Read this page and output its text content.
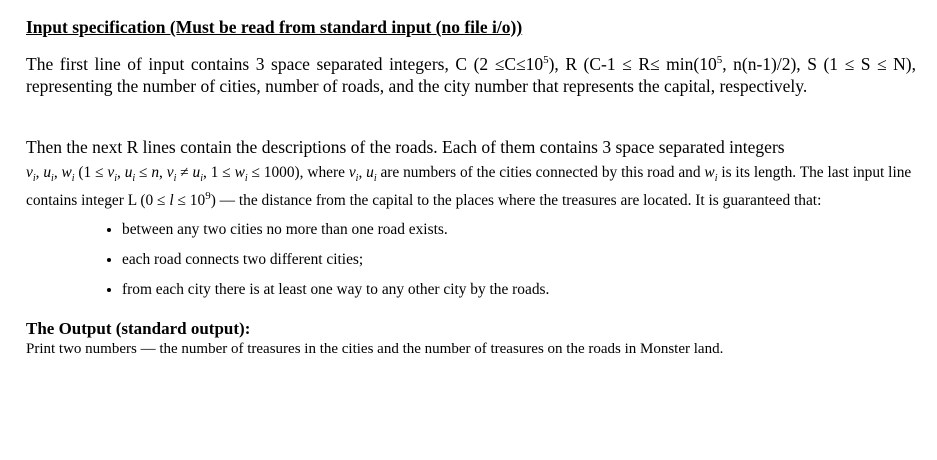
Input specification (Must be read from standard input (no file i/o))
The first line of input contains 3 space separated integers, C $(2 \le C\le 10^5)$, R ($C-1 \le R\le \min(10^5$, n(n-1)/2), S (1 ≤ S ≤ N), representing the number of cities, number of roads, and the city number that represents the capital, respectively.
Then the next R lines contain the descriptions of the roads. Each of them contains 3 space separated integers
$v_i$, $u_i$, $w_i$ ($1 \le v_i$, $u_i \le n$, $v_i \ne u_i$, $1 \le w_i \le 1000$), where $v_i$, $u_i$ are numbers of the cities connected by this road and $w_i$ is its length. The last input line contains integer L $(0 \le l \le 10^9)$ — the distance from the capital to the places where the treasures are located. It is guaranteed that:
• between any two cities no more than one road exists.
• each road connects two different cities;
• from each city there is at least one way to any other city by the roads.
The Output (standard output):
Print two numbers — the number of treasures in the cities and the number of treasures on the roads in Monster land.
